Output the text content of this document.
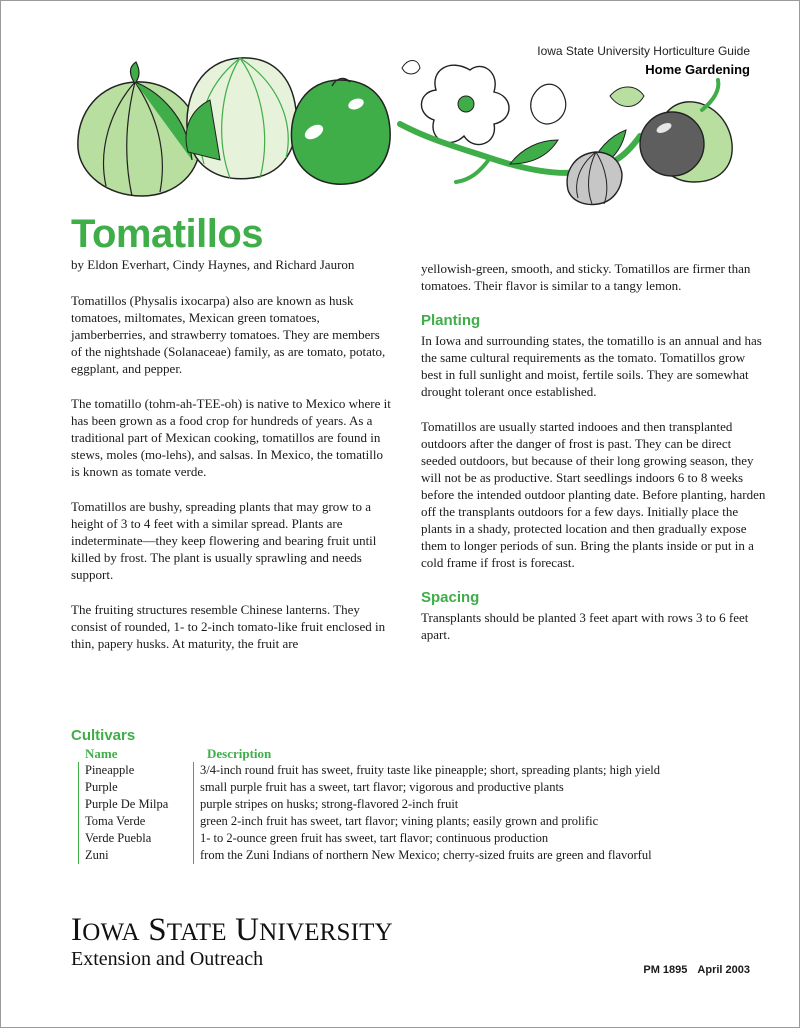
Iowa State University Horticulture Guide
Home Gardening
Tomatillos
by Eldon Everhart, Cindy Haynes, and Richard Jauron

Tomatillos (Physalis ixocarpa) also are known as husk tomatoes, miltomates, Mexican green tomatoes, jamberberries, and strawberry tomatoes. They are members of the nightshade (Solanaceae) family, as are tomato, potato, eggplant, and pepper.

The tomatillo (tohm-ah-TEE-oh) is native to Mexico where it has been grown as a food crop for hundreds of years. As a traditional part of Mexican cooking, tomatillos are found in stews, moles (mo-lehs), and salsas. In Mexico, the tomatillo is known as tomate verde.

Tomatillos are bushy, spreading plants that may grow to a height of 3 to 4 feet with a similar spread. Plants are indeterminate—they keep flowering and bearing fruit until killed by frost. The plant is usually sprawling and needs support.

The fruiting structures resemble Chinese lanterns. They consist of rounded, 1- to 2-inch tomato-like fruit enclosed in thin, papery husks. At maturity, the fruit are

yellowish-green, smooth, and sticky. Tomatillos are firmer than tomatoes. Their flavor is similar to a tangy lemon.

Planting

In Iowa and surrounding states, the tomatillo is an annual and has the same cultural requirements as the tomato. Tomatillos grow best in full sunlight and moist, fertile soils. They are somewhat drought tolerant once established.

Tomatillos are usually started indooes and then transplanted outdoors after the danger of frost is past. They can be direct seeded outdoors, but because of their long growing season, they will not be as productive. Start seedlings indoors 6 to 8 weeks before the intended outdoor planting date. Before planting, harden off the transplants outdoors for a few days. Initially place the plants in a shady, protected location and then gradually expose them to longer periods of sun. Bring the plants inside or put in a cold frame if frost is forecast.

Spacing

Transplants should be planted 3 feet apart with rows 3 to 6 feet apart.

Cultivars
Name	Description
Pineapple
Purple
Purple De Milpa
Toma Verde
Verde Puebla
Zuni
3/4-inch round fruit has sweet, fruity taste like pineapple; short, spreading plants; high yield
small purple fruit has a sweet, tart flavor; vigorous and productive plants
purple stripes on husks; strong-flavored 2-inch fruit
green 2-inch fruit has sweet, tart flavor; vining plants; easily grown and prolific
1- to 2-ounce green fruit has sweet, tart flavor; continuous production
from the Zuni Indians of northern New Mexico; cherry-sized fruits are green and flavorful
IOWA STATE UNIVERSITY
Extension and Outreach	PM 1895 April 2003
